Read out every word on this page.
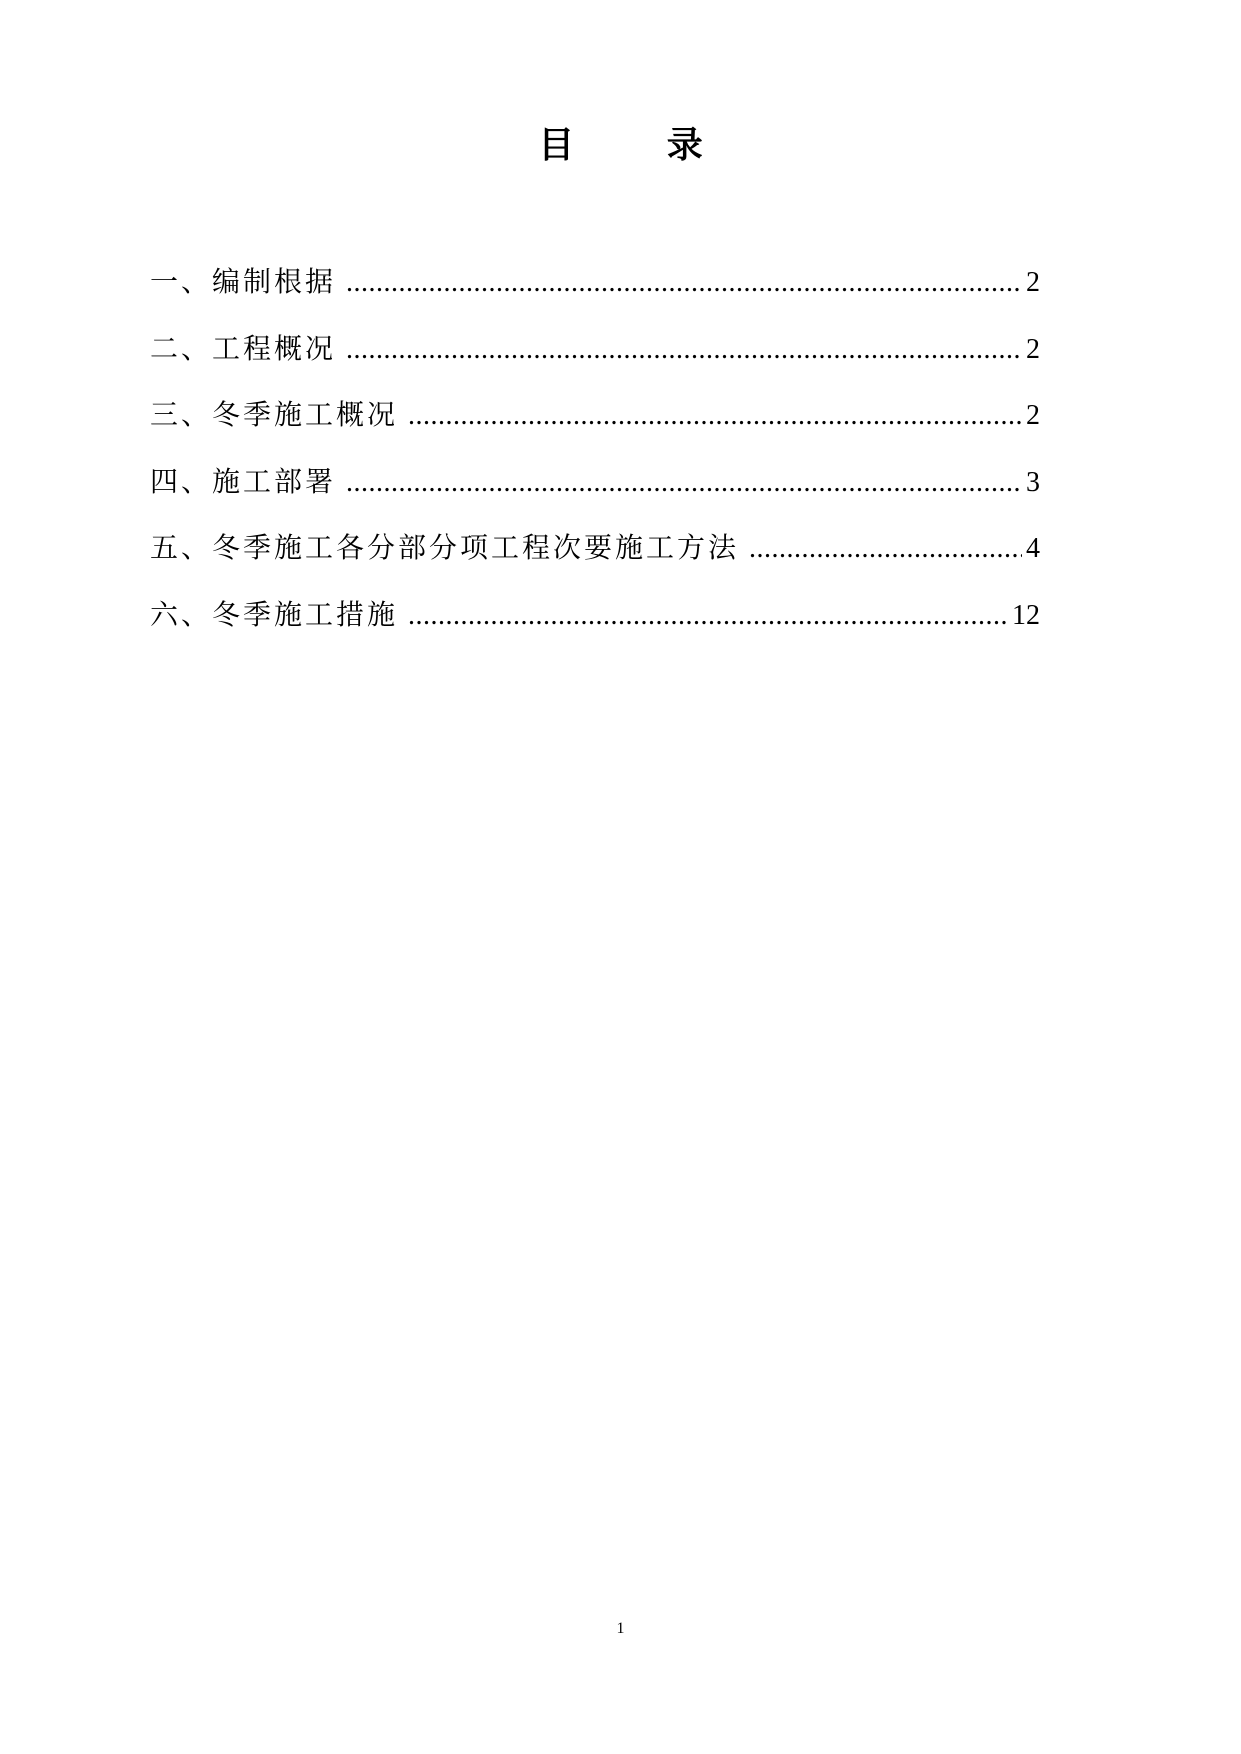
目 录
一、编制根据 .....	2
二、工程概况 .....	2
三、冬季施工概况 .....	2
四、施工部署 .....	3
五、冬季施工各分部分项工程次要施工方法 .....	4
六、冬季施工措施 .....	12
1
